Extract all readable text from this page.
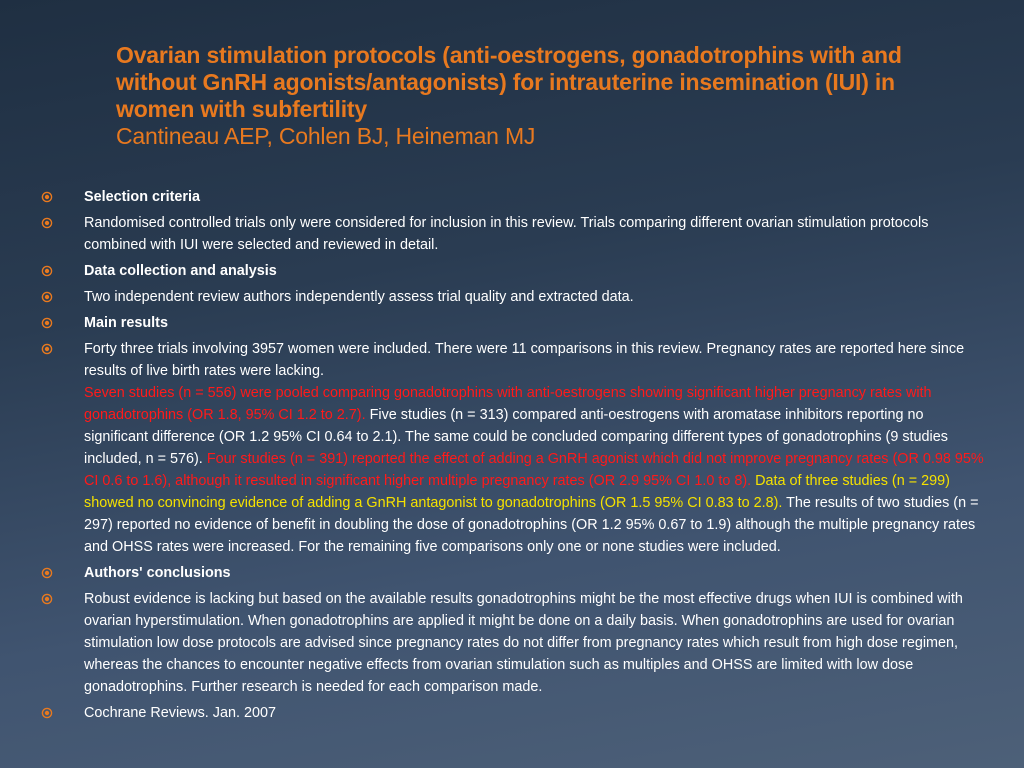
Ovarian stimulation protocols (anti-oestrogens, gonadotrophins with and without GnRH agonists/antagonists) for intrauterine insemination (IUI) in women with subfertility
Cantineau AEP, Cohlen BJ, Heineman MJ
Selection criteria
Randomised controlled trials only were considered for inclusion in this review. Trials comparing different ovarian stimulation protocols combined with IUI were selected and reviewed in detail.
Data collection and analysis
Two independent review authors independently assess trial quality and extracted data.
Main results
Forty three trials involving 3957 women were included. There were 11 comparisons in this review. Pregnancy rates are reported here since results of live birth rates were lacking.
Seven studies (n = 556) were pooled comparing gonadotrophins with anti-oestrogens showing significant higher pregnancy rates with gonadotrophins (OR 1.8, 95% CI 1.2 to 2.7). Five studies (n = 313) compared anti-oestrogens with aromatase inhibitors reporting no significant difference (OR 1.2 95% CI 0.64 to 2.1). The same could be concluded comparing different types of gonadotrophins (9 studies included, n = 576). Four studies (n = 391) reported the effect of adding a GnRH agonist which did not improve pregnancy rates (OR 0.98 95% CI 0.6 to 1.6), although it resulted in significant higher multiple pregnancy rates (OR 2.9 95% CI 1.0 to 8). Data of three studies (n = 299) showed no convincing evidence of adding a GnRH antagonist to gonadotrophins (OR 1.5 95% CI 0.83 to 2.8). The results of two studies (n = 297) reported no evidence of benefit in doubling the dose of gonadotrophins (OR 1.2 95% 0.67 to 1.9) although the multiple pregnancy rates and OHSS rates were increased. For the remaining five comparisons only one or none studies were included.
Authors' conclusions
Robust evidence is lacking but based on the available results gonadotrophins might be the most effective drugs when IUI is combined with ovarian hyperstimulation. When gonadotrophins are applied it might be done on a daily basis. When gonadotrophins are used for ovarian stimulation low dose protocols are advised since pregnancy rates do not differ from pregnancy rates which result from high dose regimen, whereas the chances to encounter negative effects from ovarian stimulation such as multiples and OHSS are limited with low dose gonadotrophins. Further research is needed for each comparison made.
Cochrane Reviews. Jan. 2007
